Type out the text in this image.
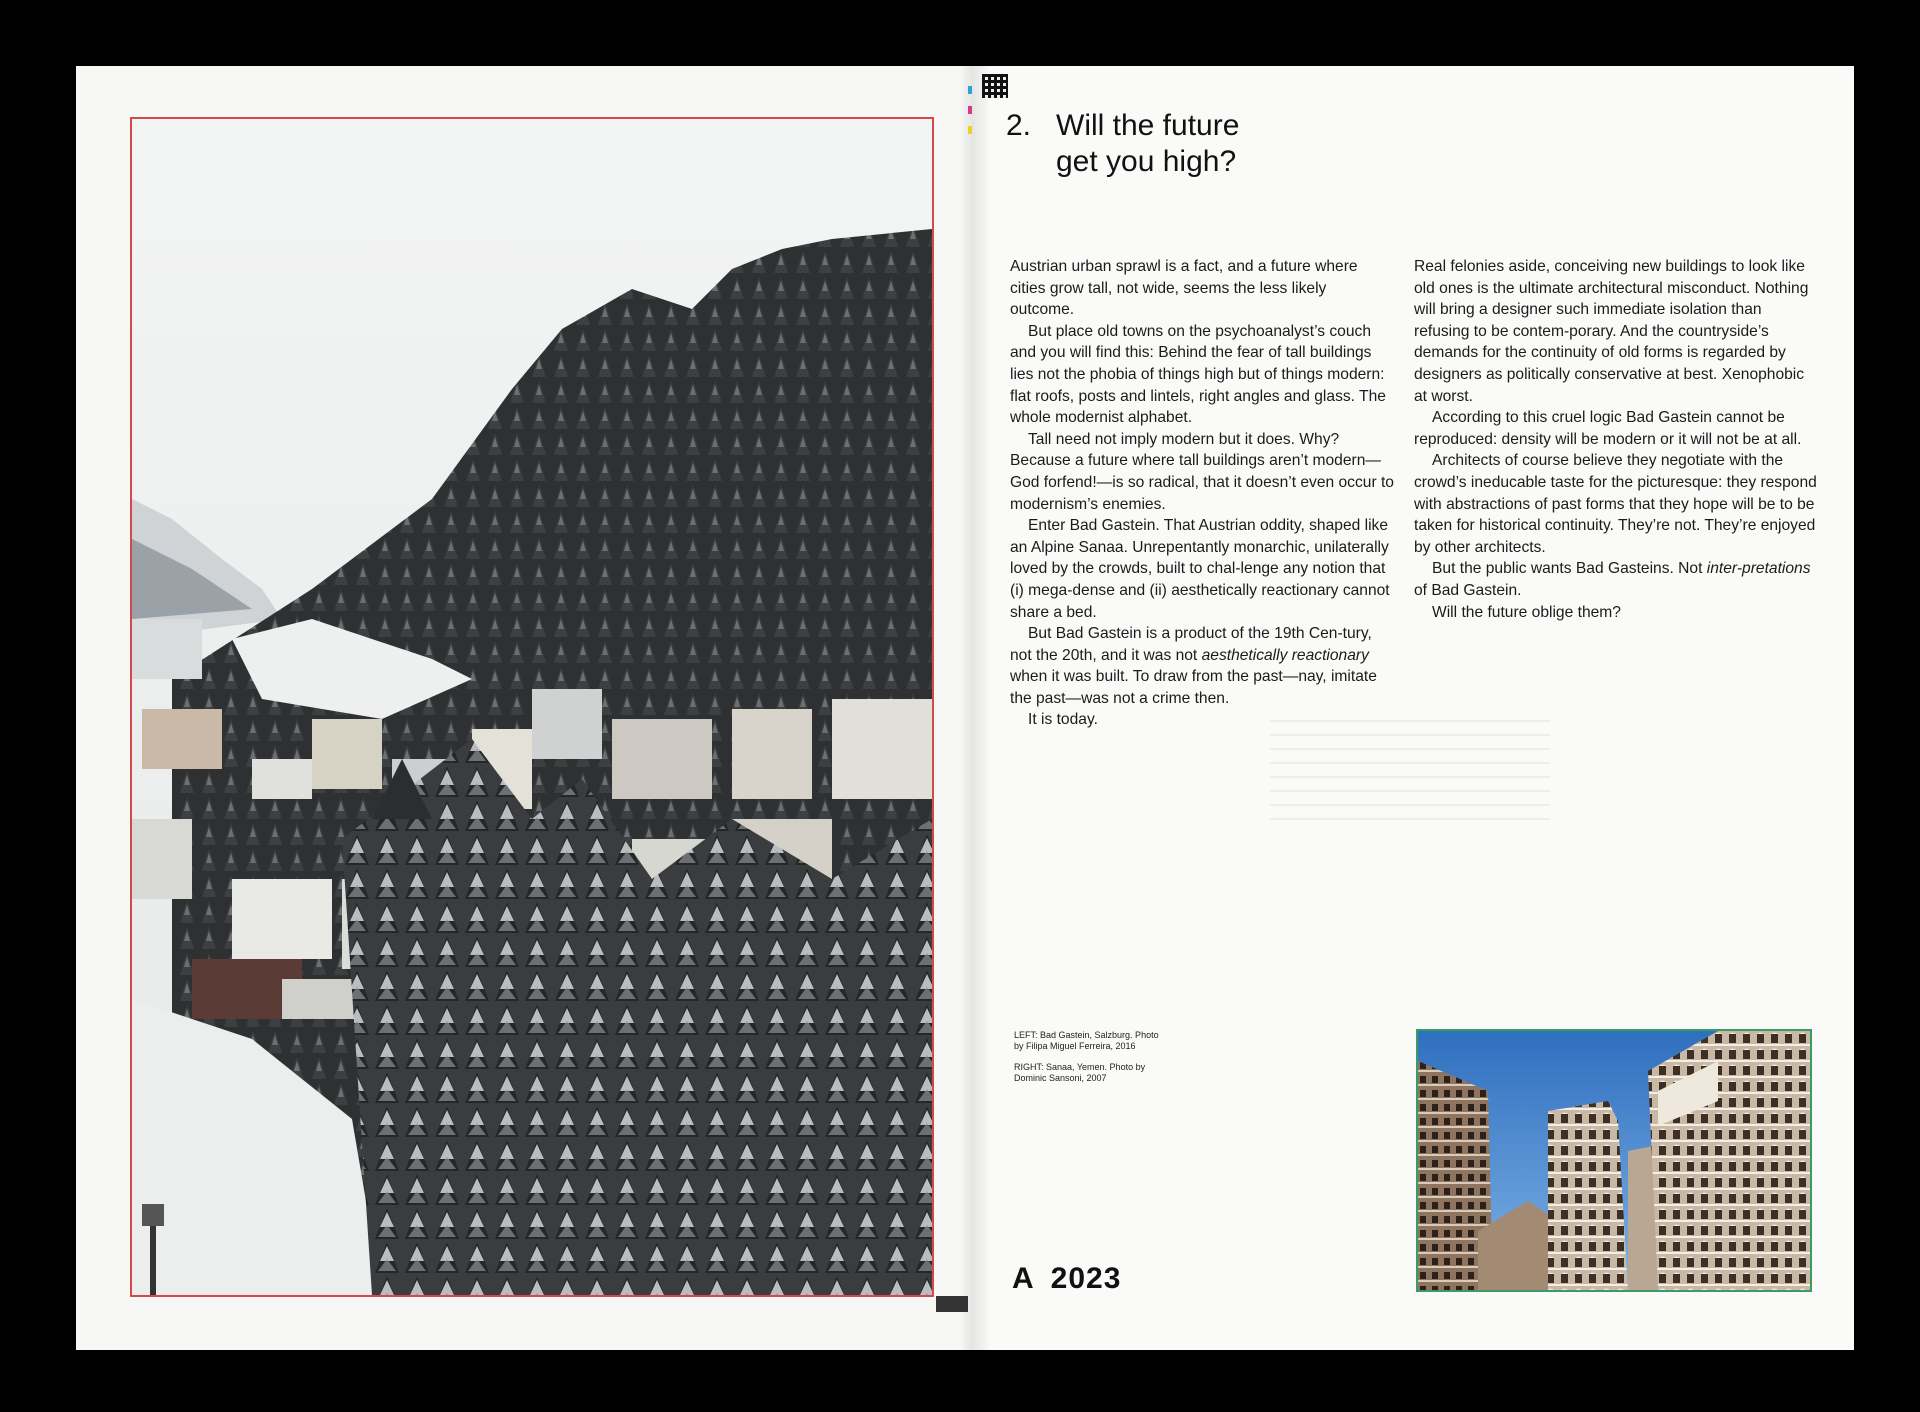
2. Will the future
get you high?

Austrian urban sprawl is a fact, and a future where cities grow tall, not wide, seems the less likely outcome.

But place old towns on the psychoanalyst’s couch and you will find this: Behind the fear of tall buildings lies not the phobia of things high but of things modern: flat roofs, posts and lintels, right angles and glass. The whole modernist alphabet.

Tall need not imply modern but it does. Why? Because a future where tall buildings aren’t modern—God forfend!—is so radical, that it doesn’t even occur to modernism’s enemies.

Enter Bad Gastein. That Austrian oddity, shaped like an Alpine Sanaa. Unrepentantly monarchic, unilaterally loved by the crowds, built to chal-lenge any notion that (i) mega-dense and (ii) aesthetically reactionary cannot share a bed.

But Bad Gastein is a product of the 19th Cen-tury, not the 20th, and it was not aesthetically reactionary when it was built. To draw from the past—nay, imitate the past—was not a crime then.

It is today.

Real felonies aside, conceiving new buildings to look like old ones is the ultimate architectural misconduct. Nothing will bring a designer such immediate isolation than refusing to be contem-porary. And the countryside’s demands for the continuity of old forms is regarded by designers as politically conservative at best. Xenophobic at worst.

According to this cruel logic Bad Gastein cannot be reproduced: density will be modern or it will not be at all.

Architects of course believe they negotiate with the crowd’s ineducable taste for the picturesque: they respond with abstractions of past forms that they hope will be to be taken for historical continuity. They’re not. They’re enjoyed by other architects.

But the public wants Bad Gasteins. Not inter-pretations of Bad Gastein.

Will the future oblige them?

LEFT: Bad Gastein, Salzburg. Photo by Filipa Miguel Ferreira, 2016

RIGHT: Sanaa, Yemen. Photo by Dominic Sansoni, 2007

A 2023
